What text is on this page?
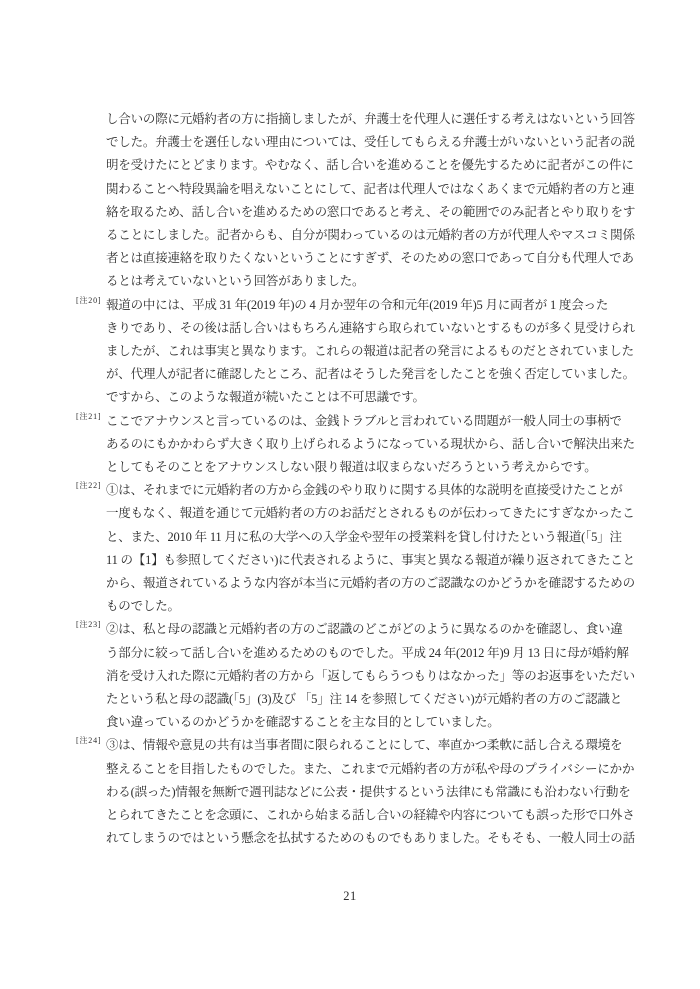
し合いの際に元婚約者の方に指摘しましたが、弁護士を代理人に選任する考えはないという回答
でした。弁護士を選任しない理由については、受任してもらえる弁護士がいないという記者の説
明を受けたにとどまります。やむなく、話し合いを進めることを優先するために記者がこの件に
関わることへ特段異論を唱えないことにして、記者は代理人ではなくあくまで元婚約者の方と連
絡を取るため、話し合いを進めるための窓口であると考え、その範囲でのみ記者とやり取りをす
ることにしました。記者からも、自分が関わっているのは元婚約者の方が代理人やマスコミ関係
者とは直接連絡を取りたくないということにすぎず、そのための窓口であって自分も代理人であ
るとは考えていないという回答がありました。
[注20] 報道の中には、平成 31 年(2019 年)の 4 月か翌年の令和元年(2019 年)5 月に両者が 1 度会った
きりであり、その後は話し合いはもちろん連絡すら取られていないとするものが多く見受けられ
ましたが、これは事実と異なります。これらの報道は記者の発言によるものだとされていました
が、代理人が記者に確認したところ、記者はそうした発言をしたことを強く否定していました。
ですから、このような報道が続いたことは不可思議です。
[注21] ここでアナウンスと言っているのは、金銭トラブルと言われている問題が一般人同士の事柄で
あるのにもかかわらず大きく取り上げられるようになっている現状から、話し合いで解決出来た
としてもそのことをアナウンスしない限り報道は収まらないだろうという考えからです。
[注22] ①は、それまでに元婚約者の方から金銭のやり取りに関する具体的な説明を直接受けたことが
一度もなく、報道を通じて元婚約者の方のお話だとされるものが伝わってきたにすぎなかったこ
と、また、2010 年 11 月に私の大学への入学金や翌年の授業料を貸し付けたという報道(「5」注
11 の【1】も参照してください)に代表されるように、事実と異なる報道が繰り返されてきたこと
から、報道されているような内容が本当に元婚約者の方のご認識なのかどうかを確認するための
ものでした。
[注23] ②は、私と母の認識と元婚約者の方のご認識のどこがどのように異なるのかを確認し、食い違
う部分に絞って話し合いを進めるためのものでした。平成 24 年(2012 年)9 月 13 日に母が婚約解
消を受け入れた際に元婚約者の方から「返してもらうつもりはなかった」等のお返事をいただい
たという私と母の認識(「5」(3)及び 「5」注 14 を参照してください)が元婚約者の方のご認識と
食い違っているのかどうかを確認することを主な目的としていました。
[注24] ③は、情報や意見の共有は当事者間に限られることにして、率直かつ柔軟に話し合える環境を
整えることを目指したものでした。また、これまで元婚約者の方が私や母のプライバシーにかか
わる(誤った)情報を無断で週刊誌などに公表・提供するという法律にも常識にも沿わない行動を
とられてきたことを念頭に、これから始まる話し合いの経緯や内容についても誤った形で口外さ
れてしまうのではという懸念を払拭するためのものでもありました。そもそも、一般人同士の話
21
